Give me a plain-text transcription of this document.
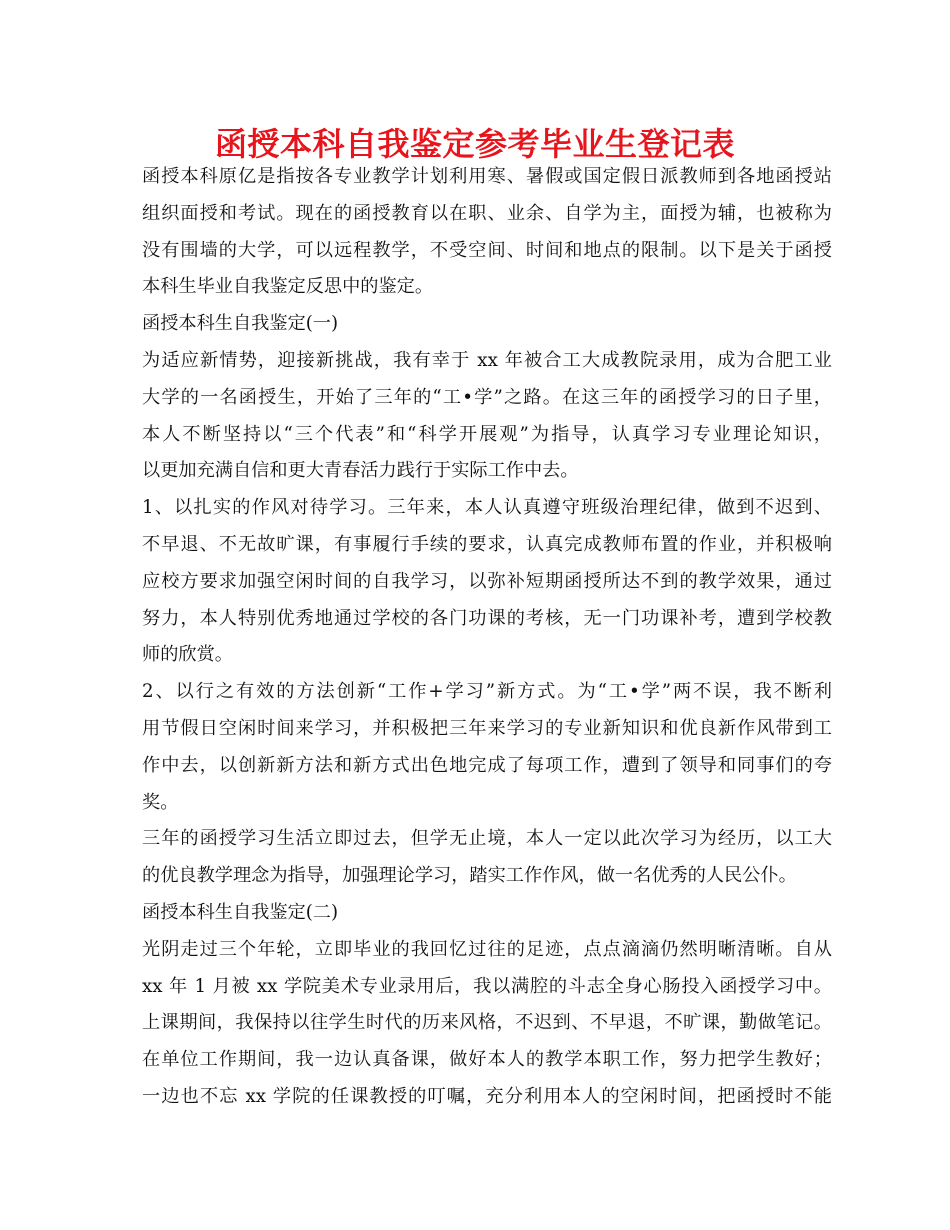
函授本科自我鉴定参考毕业生登记表
函授本科原亿是指按各专业教学计划利用寒、暑假或国定假日派教师到各地函授站
组织面授和考试。现在的函授教育以在职、业余、自学为主，面授为辅，也被称为
没有围墙的大学，可以远程教学，不受空间、时间和地点的限制。以下是关于函授
本科生毕业自我鉴定反思中的鉴定。
函授本科生自我鉴定(一)
为适应新情势，迎接新挑战，我有幸于 xx 年被合工大成教院录用，成为合肥工业
大学的一名函授生，开始了三年的“工•学”之路。在这三年的函授学习的日子里，
本人不断坚持以“三个代表”和“科学开展观”为指导，认真学习专业理论知识，
以更加充满自信和更大青春活力践行于实际工作中去。
1、以扎实的作风对待学习。三年来，本人认真遵守班级治理纪律，做到不迟到、
不早退、不无故旷课，有事履行手续的要求，认真完成教师布置的作业，并积极响
应校方要求加强空闲时间的自我学习，以弥补短期函授所达不到的教学效果，通过
努力，本人特别优秀地通过学校的各门功课的考核，无一门功课补考，遭到学校教
师的欣赏。
2、以行之有效的方法创新“工作+学习”新方式。为“工•学”两不误，我不断利
用节假日空闲时间来学习，并积极把三年来学习的专业新知识和优良新作风带到工
作中去，以创新新方法和新方式出色地完成了每项工作，遭到了领导和同事们的夸
奖。
三年的函授学习生活立即过去，但学无止境，本人一定以此次学习为经历，以工大
的优良教学理念为指导，加强理论学习，踏实工作作风，做一名优秀的人民公仆。
函授本科生自我鉴定(二)
光阴走过三个年轮，立即毕业的我回忆过往的足迹，点点滴滴仍然明晰清晰。自从
xx 年 1 月被 xx 学院美术专业录用后，我以满腔的斗志全身心肠投入函授学习中。
上课期间，我保持以往学生时代的历来风格，不迟到、不早退，不旷课，勤做笔记。
在单位工作期间，我一边认真备课，做好本人的教学本职工作，努力把学生教好；
一边也不忘 xx 学院的任课教授的叮嘱，充分利用本人的空闲时间，把函授时不能
